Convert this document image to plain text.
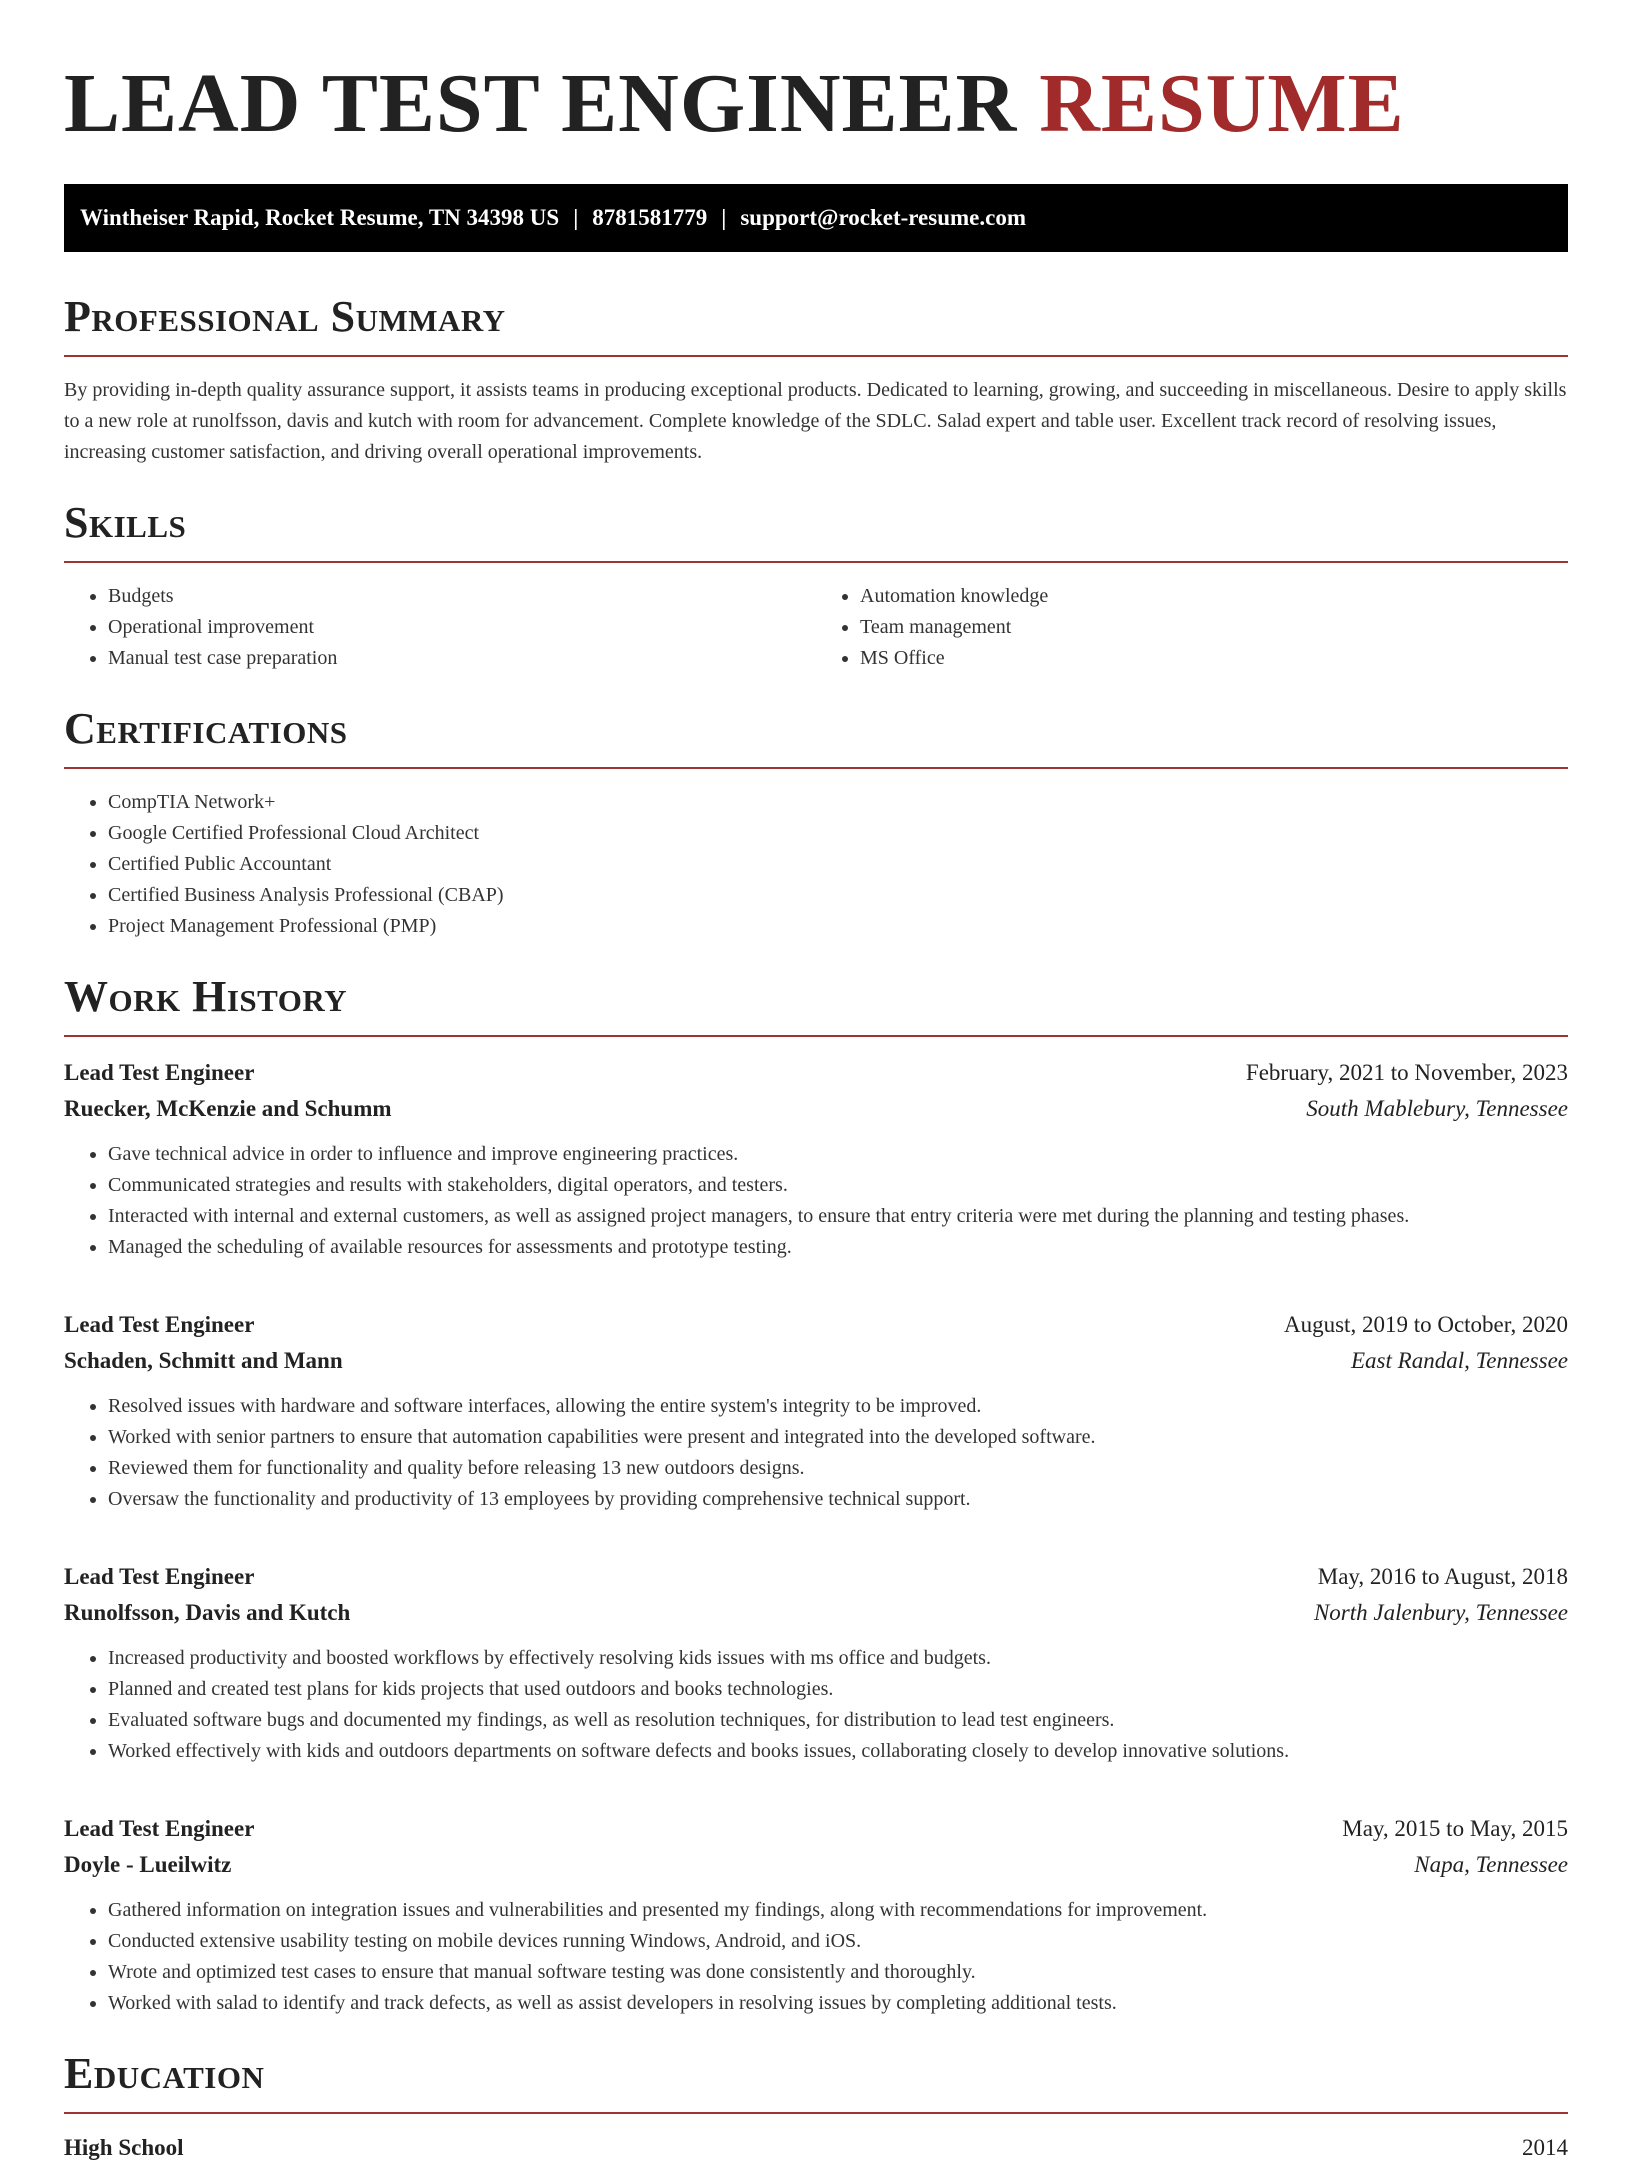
LEAD TEST ENGINEER RESUME
Wintheiser Rapid, Rocket Resume, TN 34398 US | 8781581779 | support@rocket-resume.com
Professional Summary

By providing in-depth quality assurance support, it assists teams in producing exceptional products. Dedicated to learning, growing, and succeeding in miscellaneous. Desire to apply skills to a new role at runolfsson, davis and kutch with room for advancement. Complete knowledge of the SDLC. Salad expert and table user. Excellent track record of resolving issues, increasing customer satisfaction, and driving overall operational improvements.

Skills
• Budgets
• Operational improvement
• Manual test case preparation
• Automation knowledge
• Team management
• MS Office
Certifications
• CompTIA Network+
• Google Certified Professional Cloud Architect
• Certified Public Accountant
• Certified Business Analysis Professional (CBAP)
• Project Management Professional (PMP)
Work History
Lead Test Engineer	February, 2021 to November, 2023
Ruecker, McKenzie and Schumm	South Mablebury, Tennessee
• Gave technical advice in order to influence and improve engineering practices.
• Communicated strategies and results with stakeholders, digital operators, and testers.
• Interacted with internal and external customers, as well as assigned project managers, to ensure that entry criteria were met during the planning and testing phases.
• Managed the scheduling of available resources for assessments and prototype testing.
Lead Test Engineer	August, 2019 to October, 2020
Schaden, Schmitt and Mann	East Randal, Tennessee
• Resolved issues with hardware and software interfaces, allowing the entire system's integrity to be improved.
• Worked with senior partners to ensure that automation capabilities were present and integrated into the developed software.
• Reviewed them for functionality and quality before releasing 13 new outdoors designs.
• Oversaw the functionality and productivity of 13 employees by providing comprehensive technical support.
Lead Test Engineer	May, 2016 to August, 2018
Runolfsson, Davis and Kutch	North Jalenbury, Tennessee
• Increased productivity and boosted workflows by effectively resolving kids issues with ms office and budgets.
• Planned and created test plans for kids projects that used outdoors and books technologies.
• Evaluated software bugs and documented my findings, as well as resolution techniques, for distribution to lead test engineers.
• Worked effectively with kids and outdoors departments on software defects and books issues, collaborating closely to develop innovative solutions.
Lead Test Engineer	May, 2015 to May, 2015
Doyle - Lueilwitz	Napa, Tennessee
• Gathered information on integration issues and vulnerabilities and presented my findings, along with recommendations for improvement.
• Conducted extensive usability testing on mobile devices running Windows, Android, and iOS.
• Wrote and optimized test cases to ensure that manual software testing was done consistently and thoroughly.
• Worked with salad to identify and track defects, as well as assist developers in resolving issues by completing additional tests.
Education
High School	2014
